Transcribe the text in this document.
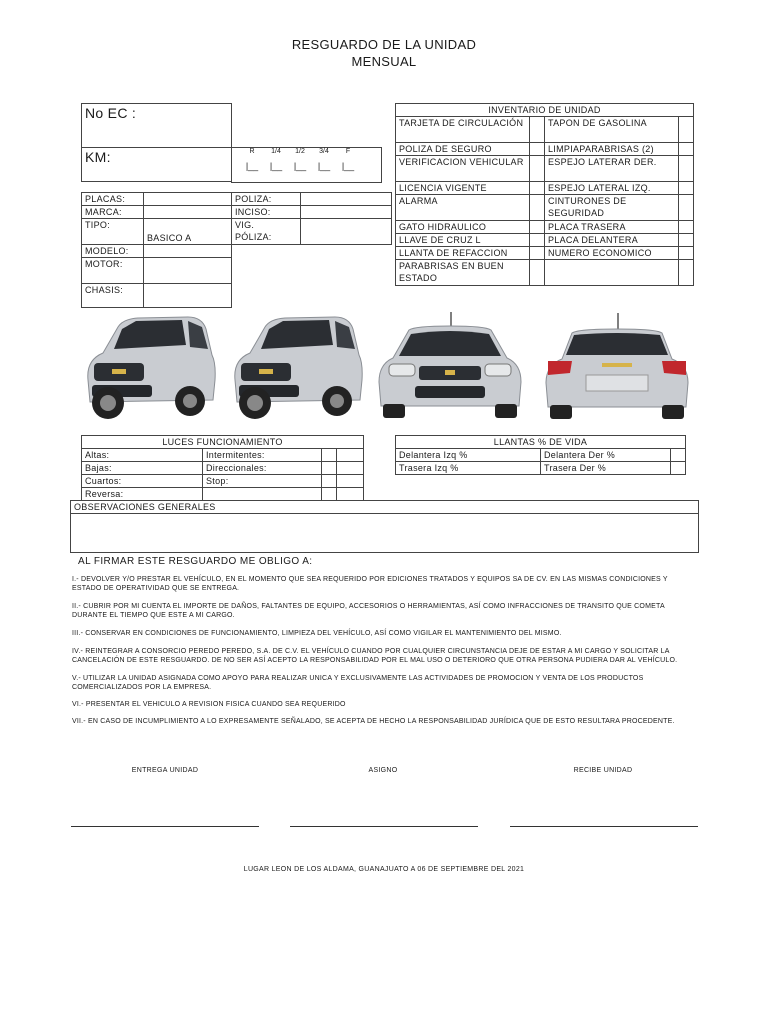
RESGUARDO DE LA UNIDAD
MENSUAL
No EC :
KM:	R	1/4	1/2	3/4	F
|__	|__	|__	|__	|__
PLACAS:		POLIZA:	
MARCA:		INCISO:	
TIPO:	BASICO A	VIG.
PÓLIZA:	
MODELO:			
MOTOR:			
CHASIS:			
INVENTARIO DE UNIDAD			
TARJETA DE CIRCULACIÓN		TAPON DE GASOLINA	
POLIZA DE SEGURO		LIMPIAPARABRISAS (2)	
VERIFICACION VEHICULAR		ESPEJO LATERAR DER.	
LICENCIA VIGENTE		ESPEJO LATERAL IZQ.	
ALARMA		CINTURONES DE SEGURIDAD	
GATO HIDRAULICO		PLACA TRASERA	
LLAVE DE CRUZ L		PLACA DELANTERA	
LLANTA DE REFACCION		NUMERO ECONOMICO	
PARABRISAS EN BUEN ESTADO			
LUCES FUNCIONAMIENTO			
Altas:	Intermitentes:		
Bajas:	Direccionales:		
Cuartos:	Stop:		
Reversa:			
LLANTAS % DE VIDA		
Delantera Izq %	Delantera Der %	
Trasera Izq %	Trasera Der %	
OBSERVACIONES GENERALES
AL FIRMAR ESTE RESGUARDO ME OBLIGO A:
I.- DEVOLVER Y/O PRESTAR EL VEHÍCULO, EN EL MOMENTO QUE SEA REQUERIDO POR EDICIONES TRATADOS Y EQUIPOS SA DE CV. EN LAS MISMAS CONDICIONES Y ESTADO DE OPERATIVIDAD QUE SE ENTREGA.
II.- CUBRIR POR MI CUENTA EL IMPORTE DE DAÑOS, FALTANTES DE EQUIPO, ACCESORIOS O HERRAMIENTAS, ASÍ COMO INFRACCIONES DE TRANSITO QUE COMETA DURANTE EL TIEMPO QUE ESTE A MI CARGO.
III.- CONSERVAR EN CONDICIONES DE FUNCIONAMIENTO, LIMPIEZA DEL VEHÍCULO, ASÍ COMO VIGILAR EL MANTENIMIENTO DEL MISMO.
IV.- REINTEGRAR A CONSORCIO PEREDO PEREDO, S.A. DE C.V. EL VEHÍCULO CUANDO POR CUALQUIER CIRCUNSTANCIA DEJE DE ESTAR A MI CARGO Y SOLICITAR LA CANCELACIÓN DE ESTE RESGUARDO. DE NO SER ASÍ ACEPTO LA RESPONSABILIDAD POR EL MAL USO O DETERIORO QUE OTRA PERSONA PUDIERA DAR AL VEHÍCULO.
V.- UTILIZAR LA UNIDAD ASIGNADA COMO APOYO PARA REALIZAR UNICA Y EXCLUSIVAMENTE LAS ACTIVIDADES DE PROMOCION Y VENTA DE LOS PRODUCTOS COMERCIALIZADOS POR LA EMPRESA.
VI.- PRESENTAR EL VEHICULO A REVISION FISICA CUANDO SEA REQUERIDO
VII.- EN CASO DE INCUMPLIMIENTO A LO EXPRESAMENTE SEÑALADO, SE ACEPTA DE HECHO LA RESPONSABILIDAD JURÍDICA QUE DE ESTO RESULTARA PROCEDENTE.
ENTREGA UNIDAD	ASIGNO	RECIBE UNIDAD
LUGAR LEON DE LOS ALDAMA, GUANAJUATO A 06 DE SEPTIEMBRE DEL 2021
